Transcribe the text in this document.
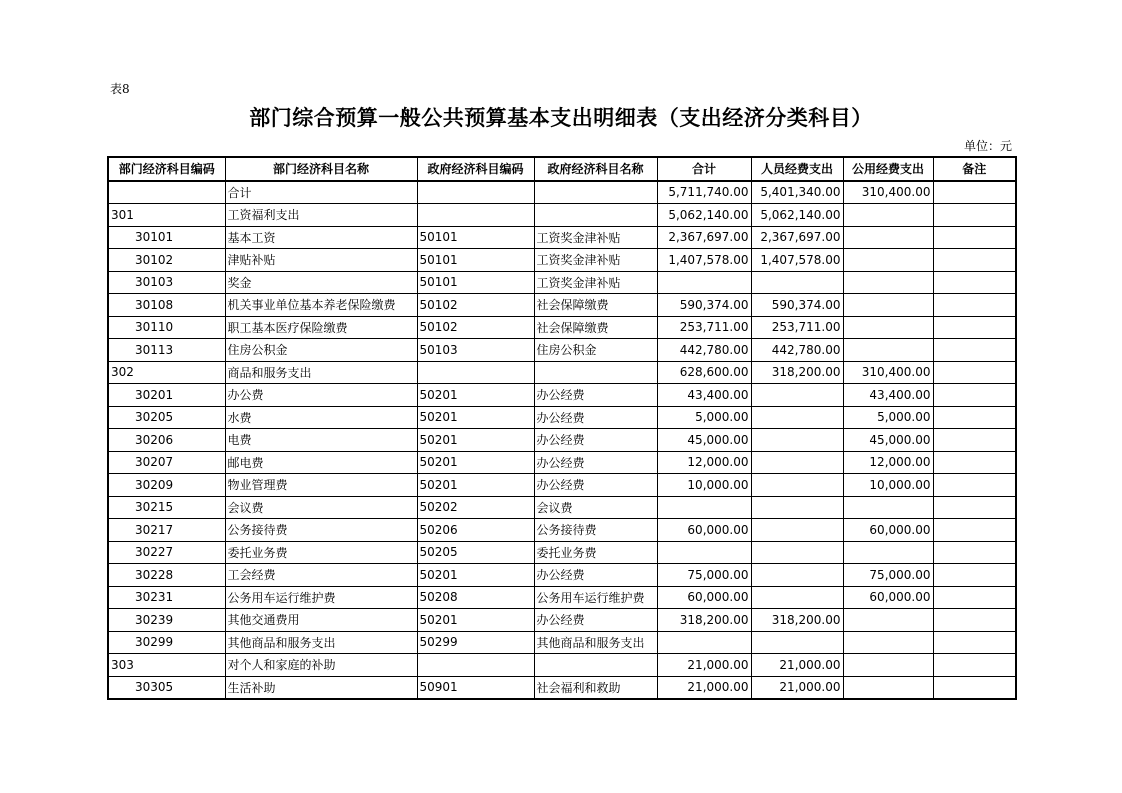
表8
部门综合预算一般公共预算基本支出明细表（支出经济分类科目）
单位：元
部门经济科目编码	部门经济科目名称	政府经济科目编码	政府经济科目名称	合计	人员经费支出	公用经费支出	备注
	合计			5,711,740.00	5,401,340.00	310,400.00	
301	工资福利支出			5,062,140.00	5,062,140.00		
30101	基本工资	50101	工资奖金津补贴	2,367,697.00	2,367,697.00		
30102	津贴补贴	50101	工资奖金津补贴	1,407,578.00	1,407,578.00		
30103	奖金	50101	工资奖金津补贴				
30108	机关事业单位基本养老保险缴费	50102	社会保障缴费	590,374.00	590,374.00		
30110	职工基本医疗保险缴费	50102	社会保障缴费	253,711.00	253,711.00		
30113	住房公积金	50103	住房公积金	442,780.00	442,780.00		
302	商品和服务支出			628,600.00	318,200.00	310,400.00	
30201	办公费	50201	办公经费	43,400.00		43,400.00	
30205	水费	50201	办公经费	5,000.00		5,000.00	
30206	电费	50201	办公经费	45,000.00		45,000.00	
30207	邮电费	50201	办公经费	12,000.00		12,000.00	
30209	物业管理费	50201	办公经费	10,000.00		10,000.00	
30215	会议费	50202	会议费				
30217	公务接待费	50206	公务接待费	60,000.00		60,000.00	
30227	委托业务费	50205	委托业务费				
30228	工会经费	50201	办公经费	75,000.00		75,000.00	
30231	公务用车运行维护费	50208	公务用车运行维护费	60,000.00		60,000.00	
30239	其他交通费用	50201	办公经费	318,200.00	318,200.00		
30299	其他商品和服务支出	50299	其他商品和服务支出				
303	对个人和家庭的补助			21,000.00	21,000.00		
30305	生活补助	50901	社会福利和救助	21,000.00	21,000.00		
